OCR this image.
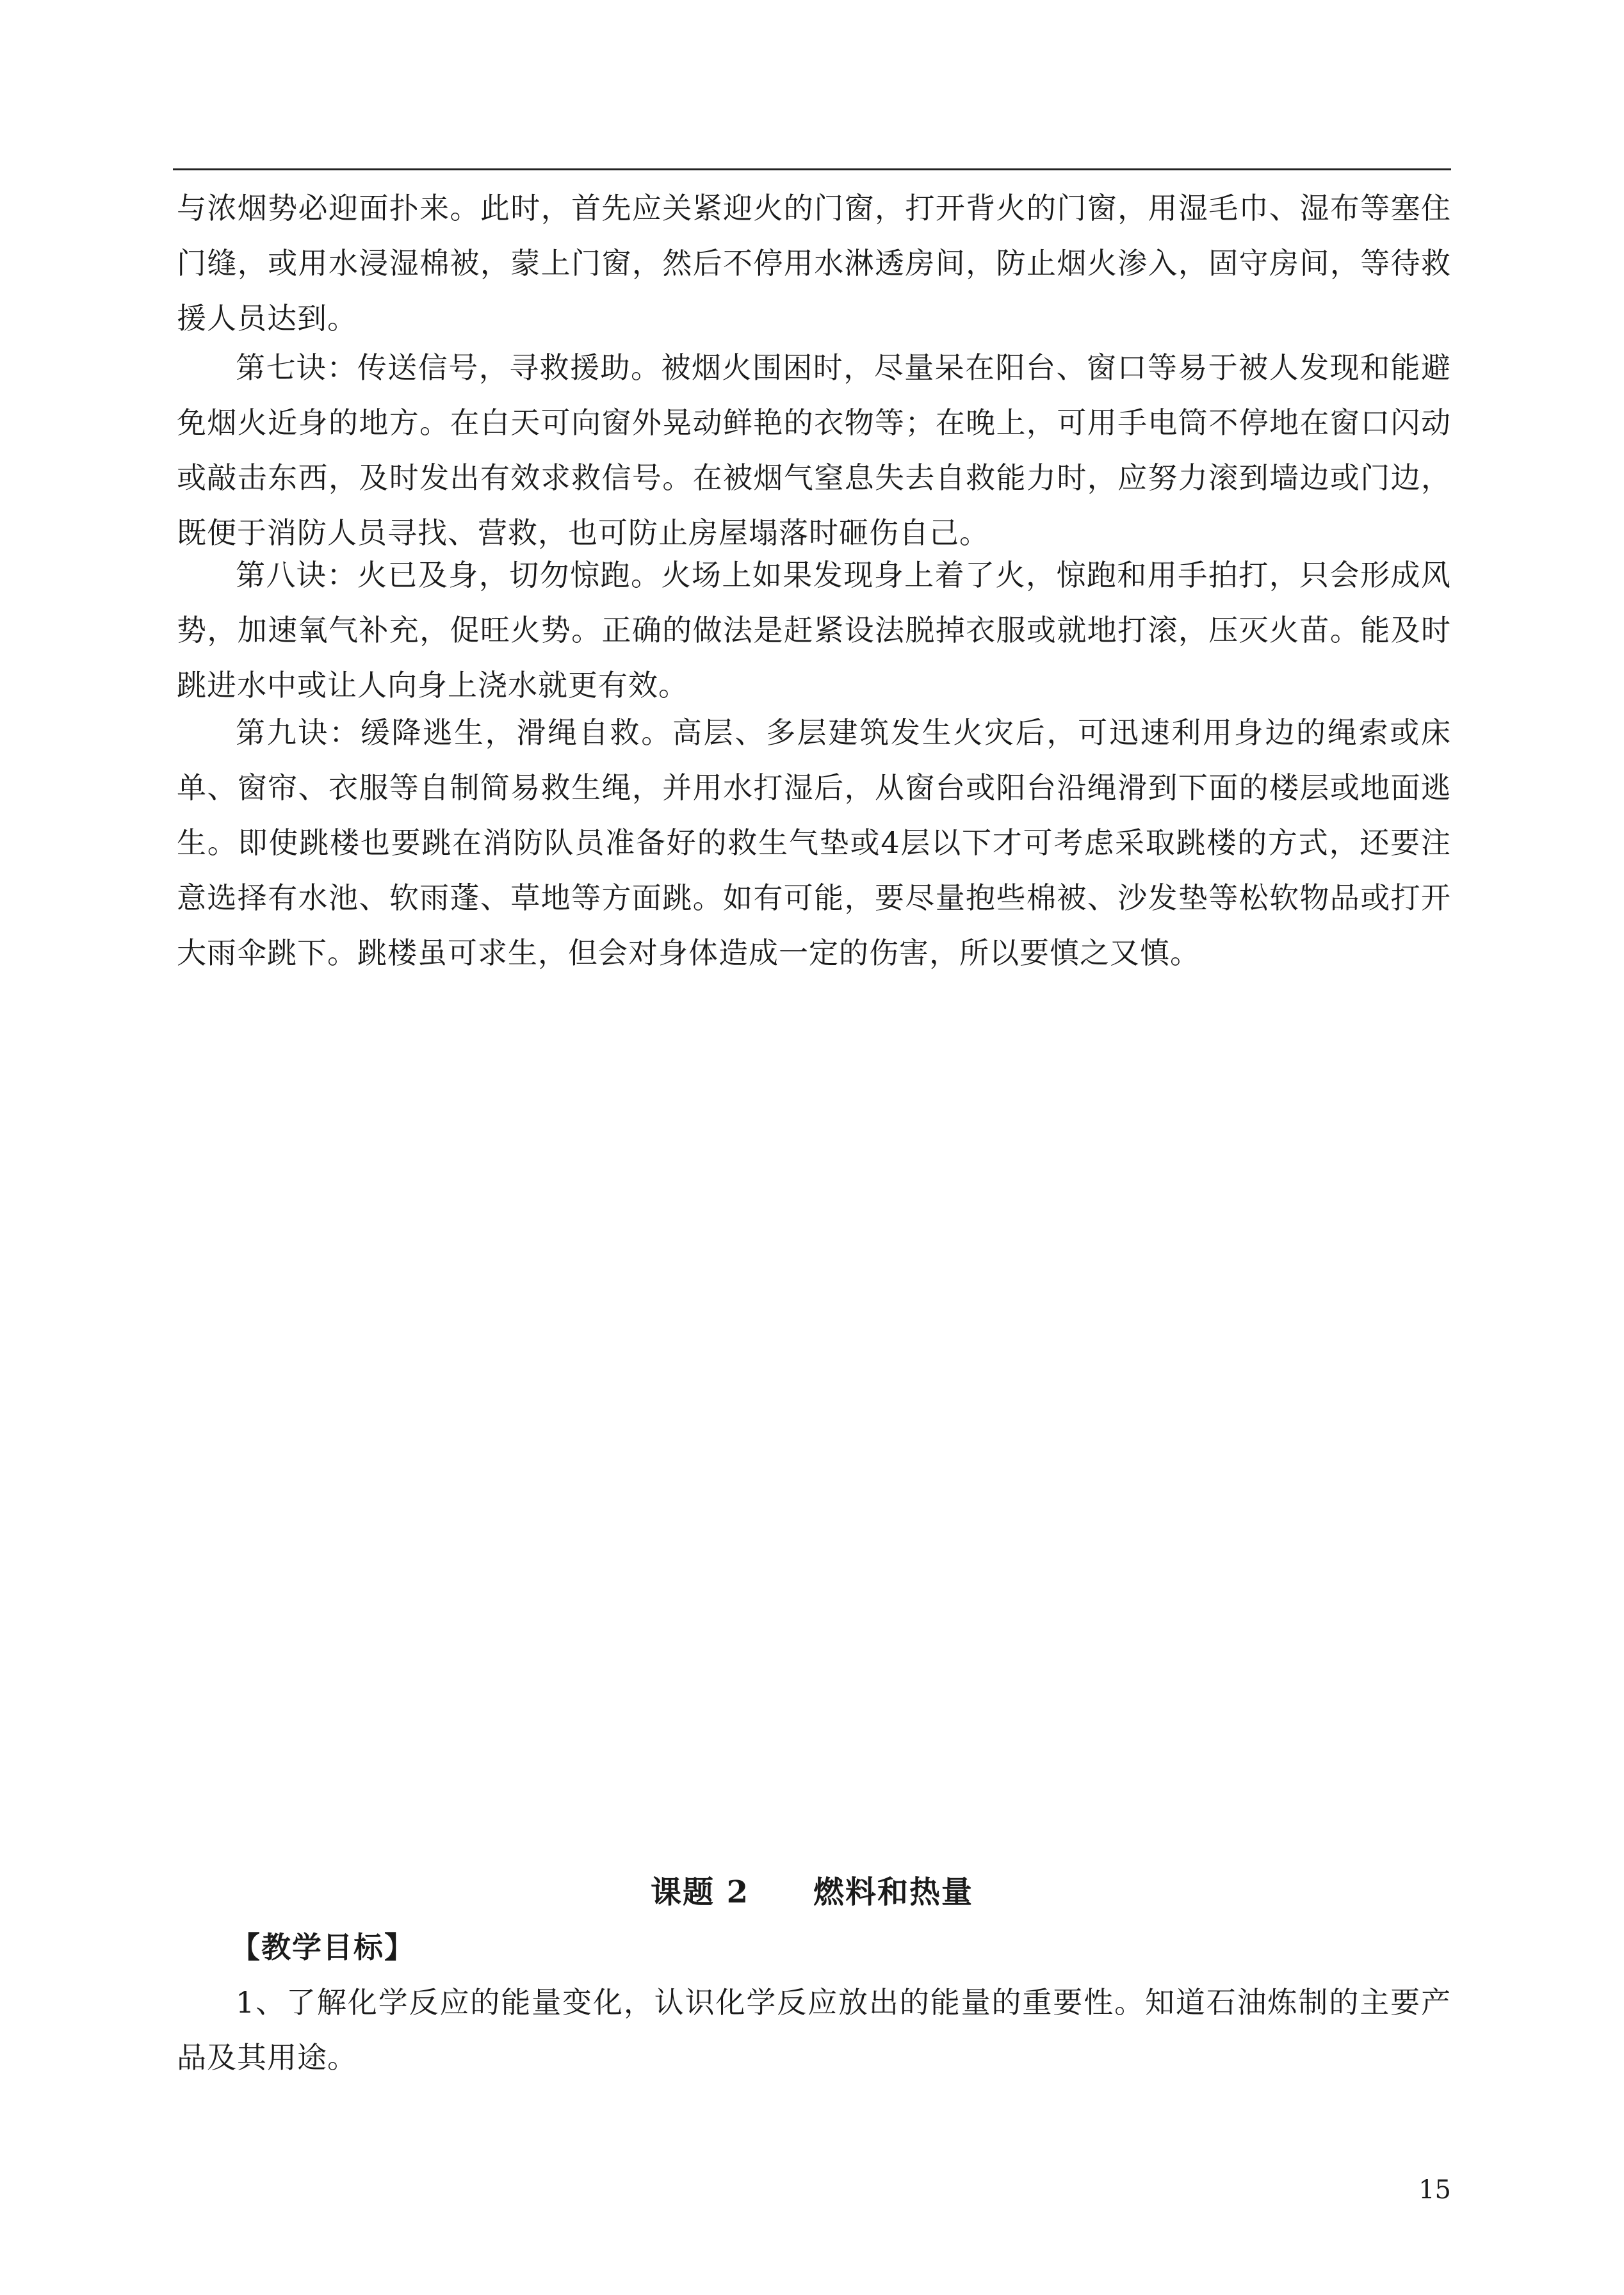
与浓烟势必迎面扑来。此时，首先应关紧迎火的门窗，打开背火的门窗，用湿毛巾、湿布等塞住门缝，或用水浸湿棉被，蒙上门窗，然后不停用水淋透房间，防止烟火渗入，固守房间，等待救援人员达到。

第七诀：传送信号，寻救援助。被烟火围困时，尽量呆在阳台、窗口等易于被人发现和能避免烟火近身的地方。在白天可向窗外晃动鲜艳的衣物等；在晚上，可用手电筒不停地在窗口闪动或敲击东西，及时发出有效求救信号。在被烟气窒息失去自救能力时，应努力滚到墙边或门边，既便于消防人员寻找、营救，也可防止房屋塌落时砸伤自己。

第八诀：火已及身，切勿惊跑。火场上如果发现身上着了火，惊跑和用手拍打，只会形成风势，加速氧气补充，促旺火势。正确的做法是赶紧设法脱掉衣服或就地打滚，压灭火苗。能及时跳进水中或让人向身上浇水就更有效。

第九诀：缓降逃生，滑绳自救。高层、多层建筑发生火灾后，可迅速利用身边的绳索或床单、窗帘、衣服等自制简易救生绳，并用水打湿后，从窗台或阳台沿绳滑到下面的楼层或地面逃生。即使跳楼也要跳在消防队员准备好的救生气垫或4层以下才可考虑采取跳楼的方式，还要注意选择有水池、软雨蓬、草地等方面跳。如有可能，要尽量抱些棉被、沙发垫等松软物品或打开大雨伞跳下。跳楼虽可求生，但会对身体造成一定的伤害，所以要慎之又慎。

课题 2　　燃料和热量
【教学目标】

1、了解化学反应的能量变化，认识化学反应放出的能量的重要性。知道石油炼制的主要产品及其用途。

15
